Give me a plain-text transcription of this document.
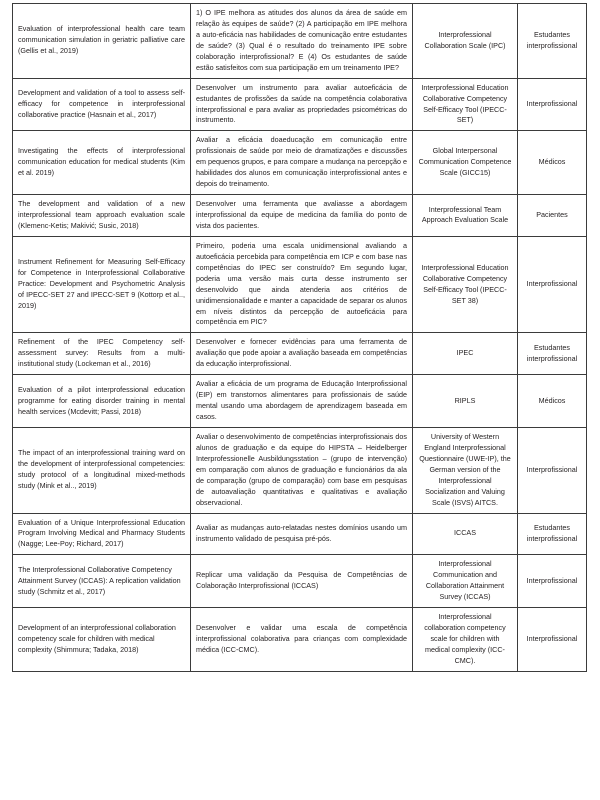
Evaluation of interprofessional health care team communication simulation in geriatric palliative care (Gellis et al., 2019)	1) O IPE melhora as atitudes dos alunos da área de saúde em relação às equipes de saúde? (2) A participação em IPE melhora a auto-eficácia nas habilidades de comunicação entre estudantes de saúde? (3) Qual é o resultado do treinamento IPE sobre colaboração interprofissional? E (4) Os estudantes de saúde estão satisfeitos com sua participação em um treinamento IPE?	Interprofessional Collaboration Scale (IPC)	Estudantes interprofissional
Development and validation of a tool to assess self-efficacy for competence in interprofessional collaborative practice (Hasnain et al., 2017)	Desenvolver um instrumento para avaliar autoeficácia de estudantes de profissões da saúde na competência colaborativa interprofissional e para avaliar as propriedades psicométricas do instrumento.	Interprofessional Education Collaborative Competency Self-Efficacy Tool (IPECC-SET)	Interprofissional
Investigating the effects of interprofessional communication education for medical students (Kim et al. 2019)	Avaliar a eficácia doaeducação em comunicação entre profissionais de saúde por meio de dramatizações e discussões em pequenos grupos, e para compare a mudança na percepção e habilidades dos alunos em comunicação interprofissional antes e depois do treinamento.	Global Interpersonal Communication Competence Scale (GICC15)	Médicos
The development and validation of a new interprofessional team approach evaluation scale (Klemenc-Ketis; Makivić; Susic, 2018)	Desenvolver uma ferramenta que avaliasse a abordagem interprofissional da equipe de medicina da família do ponto de vista dos pacientes.	Interprofessional Team Approach Evaluation Scale	Pacientes
Instrument Refinement for Measuring Self-Efficacy for Competence in Interprofessional Collaborative Practice: Development and Psychometric Analysis of IPECC-SET 27 and IPECC-SET 9 (Kottorp et al.., 2019)	Primeiro, poderia uma escala unidimensional avaliando a autoeficácia percebida para competência em ICP e com base nas competências do IPEC ser construído? Em segundo lugar, poderia uma versão mais curta desse instrumento ser desenvolvido que ainda atenderia aos critérios de unidimensionalidade e manter a capacidade de separar os alunos em níveis distintos da percepção de autoeficácia para competência em PIC?	Interprofessional Education Collaborative Competency Self-Efficacy Tool (IPECC-SET 38)	Interprofissional
Refinement of the IPEC Competency self-assessment survey: Results from a multi-institutional study (Lockeman et al., 2016)	Desenvolver e fornecer evidências para uma ferramenta de avaliação que pode apoiar a avaliação baseada em competências da educação interprofissional.	IPEC	Estudantes interprofissional
Evaluation of a pilot interprofessional education programme for eating disorder training in mental health services (Mcdevitt; Passi, 2018)	Avaliar a eficácia de um programa de Educação Interprofissional (EIP) em transtornos alimentares para profissionais de saúde mental usando uma abordagem de aprendizagem baseada em casos.	RIPLS	Médicos
The impact of an interprofessional training ward on the development of interprofessional competencies: study protocol of a longitudinal mixed-methods study (Mink et al.., 2019)	Avaliar o desenvolvimento de competências interprofissionais dos alunos de graduação e da equipe do HIPSTA – Heidelberger Interprofessionelle Ausbildungsstation – (grupo de intervenção) em comparação com alunos de graduação e funcionários da ala de comparação (grupo de comparação) com base em pesquisas de autoavaliação quantitativas e qualitativas e avaliação observacional.	University of Western England Interprofessional Questionnaire (UWE-IP), the German version of the Interprofessional Socialization and Valuing Scale (ISVS) AITCS.	Interprofissional
Evaluation of a Unique Interprofessional Education Program Involving Medical and Pharmacy Students (Nagge; Lee-Poy; Richard, 2017)	Avaliar as mudanças auto-relatadas nestes domínios usando um instrumento validado de pesquisa pré-pós.	ICCAS	Estudantes interprofissional
The Interprofessional Collaborative Competency Attainment Survey (ICCAS): A replication validation study (Schmitz et al., 2017)	Replicar uma validação da Pesquisa de Competências de Colaboração Interprofissional (ICCAS)	Interprofessional Communication and Collaboration Attainment Survey (ICCAS)	Interprofissional
Development of an interprofessional collaboration competency scale for children with medical complexity (Shimmura; Tadaka, 2018)	Desenvolver e validar uma escala de competência interprofissional colaborativa para crianças com complexidade médica (ICC-CMC).	Interprofessional collaboration competency scale for children with medical complexity (ICC-CMC).	Interprofissional
